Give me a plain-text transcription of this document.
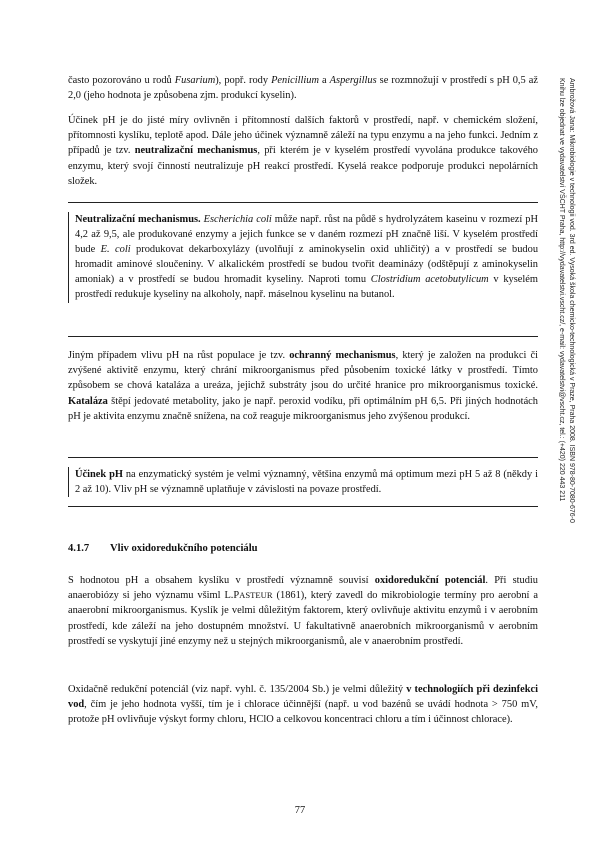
často pozorováno u rodů Fusarium), popř. rody Penicillium a Aspergillus se rozmnožují v prostředí s pH 0,5 až 2,0 (jeho hodnota je způsobena zjm. produkcí kyselin).

Účinek pH je do jisté míry ovlivněn i přítomností dalších faktorů v prostředí, např. v chemickém složení, přítomnosti kyslíku, teplotě apod. Dále jeho účinek významně záleží na typu enzymu a na jeho funkci. Jedním z případů je tzv. neutralizační mechanismus, při kterém je v kyselém prostředí vyvolána produkce takového enzymu, který svojí činností neutralizuje pH reakcí prostředí. Kyselá reakce podporuje produkci nepolárních složek.

Neutralizační mechanismus. Escherichia coli může např. růst na půdě s hydrolyzátem kaseinu v rozmezí pH 4,2 až 9,5, ale produkované enzymy a jejich funkce se v daném rozmezí pH značně liší. V kyselém prostředí bude E. coli produkovat dekarboxylázy (uvolňují z aminokyselin oxid uhličitý) a v prostředí se budou hromadit aminové sloučeniny. V alkalickém prostředí se budou tvořit deaminázy (odštěpují z aminokyselin amoniak) a v prostředí se budou hromadit kyseliny. Naproti tomu Clostridium acetobutylicum v kyselém prostředí redukuje kyseliny na alkoholy, např. máselnou kyselinu na butanol.

Jiným případem vlivu pH na růst populace je tzv. ochranný mechanismus, který je založen na produkci či zvýšené aktivitě enzymu, který chrání mikroorganismus před působením toxické látky v prostředí. Tímto způsobem se chová kataláza a ureáza, jejichž substráty jsou do určité hranice pro mikroorganismus toxické. Kataláza štěpí jedovaté metabolity, jako je např. peroxid vodíku, při optimálním pH 6,5. Při jiných hodnotách pH je aktivita enzymu značně snížena, na což reaguje mikroorganismus jeho zvýšenou produkcí.

Účinek pH na enzymatický systém je velmi významný, většina enzymů má optimum mezi pH 5 až 8 (někdy i 2 až 10). Vliv pH se významně uplatňuje v závislosti na povaze prostředí.

4.1.7 Vliv oxidoredukčního potenciálu

S hodnotou pH a obsahem kyslíku v prostředí významně souvisí oxidoredukční potenciál. Při studiu anaerobiózy si jeho významu všiml L.PASTEUR (1861), který zavedl do mikrobiologie termíny pro aerobní a anaerobní mikroorganismus. Kyslík je velmi důležitým faktorem, který ovlivňuje aktivitu enzymů i v aerobním prostředí, kde záleží na jeho dostupném množství. U fakultativně anaerobních mikroorganismů v aerobním prostředí se vyskytují jiné enzymy než u stejných mikroorganismů, ale v anaerobním prostředí.

Oxidačně redukční potenciál (viz např. vyhl. č. 135/2004 Sb.) je velmi důležitý v technologiích při dezinfekci vod, čím je jeho hodnota vyšší, tím je i chlorace účinnější (např. u vod bazénů se uvádí hodnota > 750 mV, protože pH ovlivňuje výskyt formy chloru, HClO a celkovou koncentraci chloru a tím i účinnost chlorace).

77
Ambrožová Jana: Mikrobiologie v technologii vod. 3rd ed. Vysoká škola chemicko-technologická v Praze, Praha 2008. ISBN 978-80-7080-676-0
Knihu lze objednat ve vydavatelství VŠCHT Praha, http://vydavatelstvi.vscht.cz/, e-mail: vydavatelstvi@vscht.cz, tel.: (+420) 220 443 211
